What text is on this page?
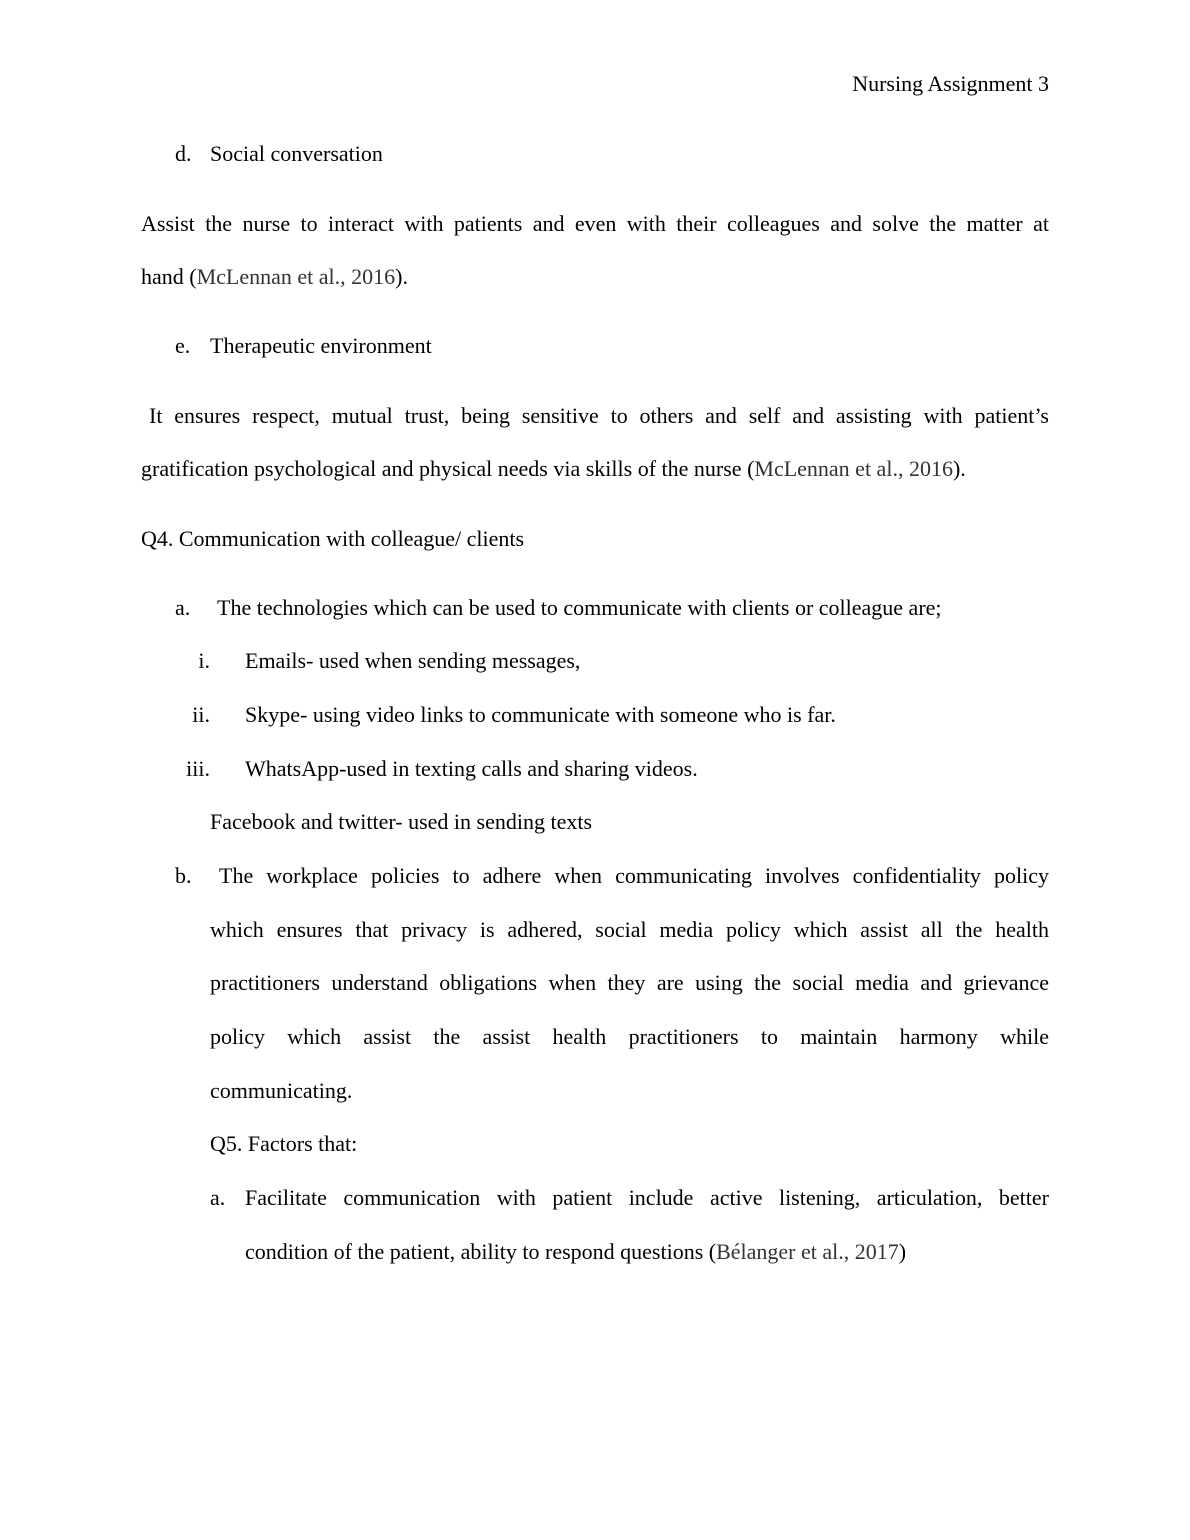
Nursing Assignment 3
d. Social conversation
Assist the nurse to interact with patients and even with their colleagues and solve the matter at
hand (McLennan et al., 2016).
e. Therapeutic environment
It ensures respect, mutual trust, being sensitive to others and self and assisting with patient’s
gratification psychological and physical needs via skills of the nurse (McLennan et al., 2016).
Q4. Communication with colleague/ clients
a. The technologies which can be used to communicate with clients or colleague are;
i. Emails- used when sending messages,
ii. Skype- using video links to communicate with someone who is far.
iii. WhatsApp-used in texting calls and sharing videos.
Facebook and twitter- used in sending texts
b. The workplace policies to adhere when communicating involves confidentiality policy
which ensures that privacy is adhered, social media policy which assist all the health
practitioners understand obligations when they are using the social media and grievance
policy which assist the assist health practitioners to maintain harmony while
communicating.
Q5. Factors that:
a. Facilitate communication with patient include active listening, articulation, better
condition of the patient, ability to respond questions (Bélanger et al., 2017)
